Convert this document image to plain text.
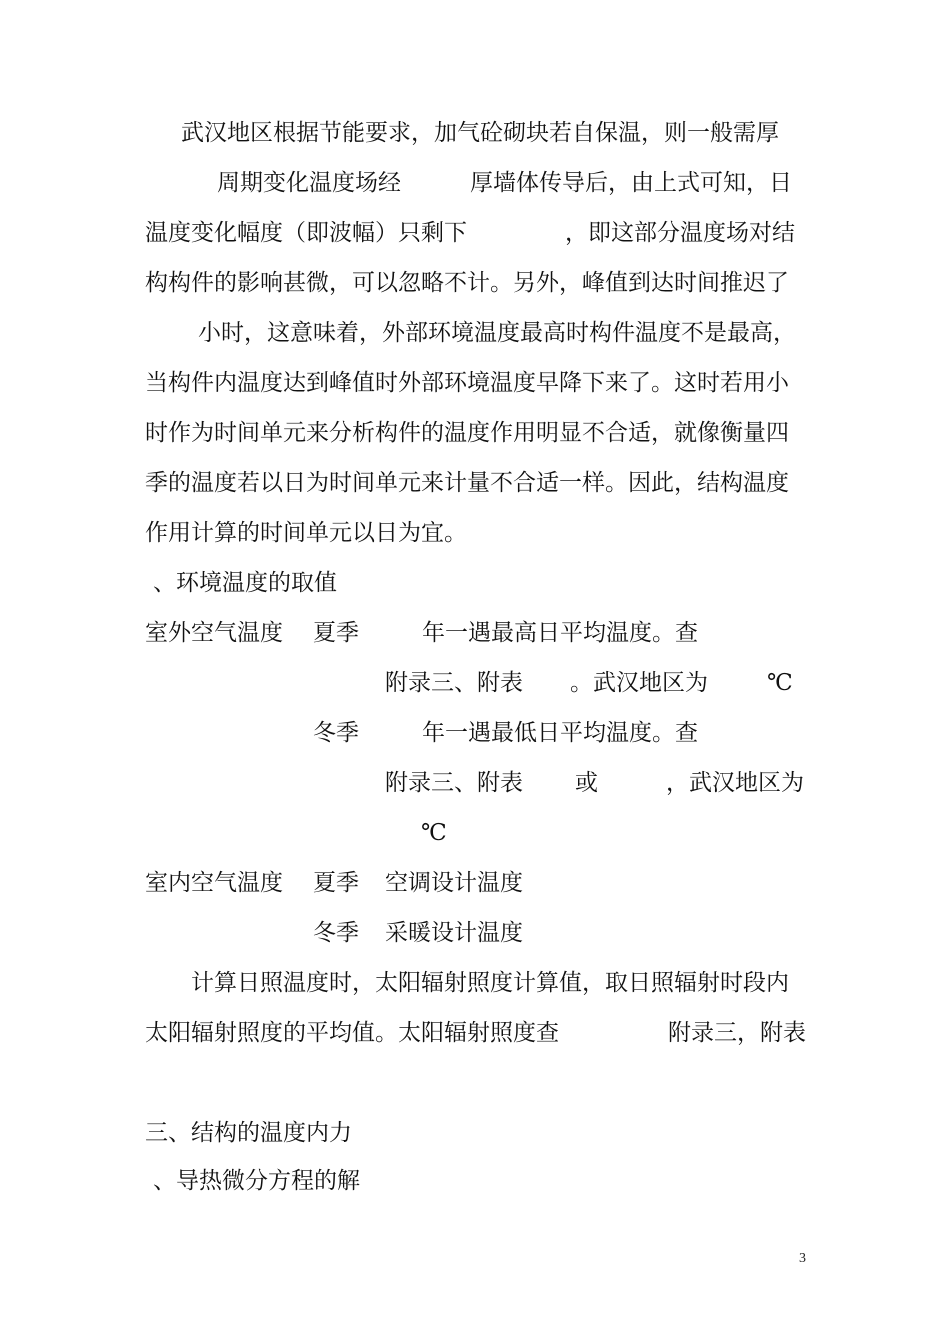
武汉地区根据节能要求，加气砼砌块若自保温，则一般需厚
周期变化温度场经	厚墙体传导后，由上式可知，日
温度变化幅度（即波幅）只剩下	，即这部分温度场对结
构构件的影响甚微，可以忽略不计。另外，峰值到达时间推迟了
小时，这意味着，外部环境温度最高时构件温度不是最高，
当构件内温度达到峰值时外部环境温度早降下来了。这时若用小
时作为时间单元来分析构件的温度作用明显不合适，就像衡量四
季的温度若以日为时间单元来计量不合适一样。因此，结构温度
作用计算的时间单元以日为宜。
、环境温度的取值
室外空气温度 夏季	年一遇最高日平均温度。查
附录三、附表 。武汉地区为	℃
冬季	年一遇最低日平均温度。查
附录三、附表 或	，武汉地区为
℃
室内空气温度 夏季 空调设计温度
冬季 采暖设计温度
计算日照温度时，太阳辐射照度计算值，取日照辐射时段内
太阳辐射照度的平均值。太阳辐射照度查	附录三，附表
三、结构的温度内力
、导热微分方程的解
3
